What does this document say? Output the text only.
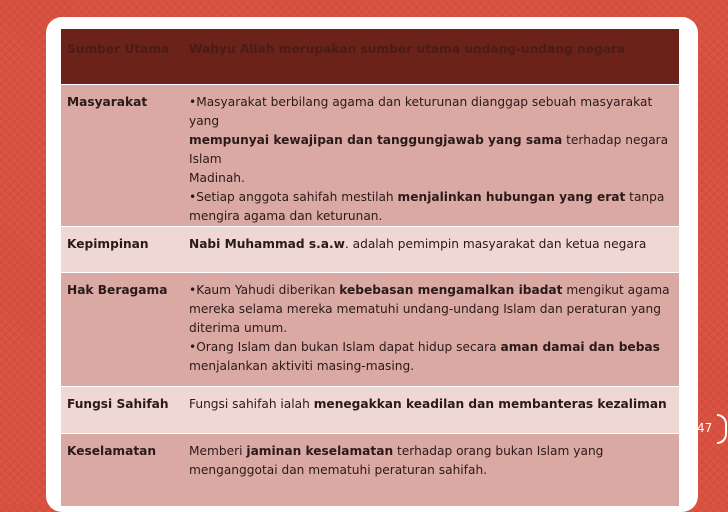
Sumber Utama	Wahyu Allah merupakan sumber utama undang-undang negara
Masyarakat	•Masyarakat berbilang agama dan keturunan dianggap sebuah masyarakat yang
mempunyai kewajipan dan tanggungjawab yang sama terhadap negara Islam
Madinah.
•Setiap anggota sahifah mestilah menjalinkan hubungan yang erat tanpa
mengira agama dan keturunan.

Kepimpinan	Nabi Muhammad s.a.w. adalah pemimpin masyarakat dan ketua negara

Hak Beragama	•Kaum Yahudi diberikan kebebasan mengamalkan ibadat mengikut agama
mereka selama mereka mematuhi undang-undang Islam dan peraturan yang
diterima umum.
•Orang Islam dan bukan Islam dapat hidup secara aman damai dan bebas
menjalankan aktiviti masing-masing.

Fungsi Sahifah	Fungsi sahifah ialah menegakkan keadilan dan membanteras kezaliman

Keselamatan	Memberi jaminan keselamatan terhadap orang bukan Islam yang
menganggotai dan mematuhi peraturan sahifah.
47
